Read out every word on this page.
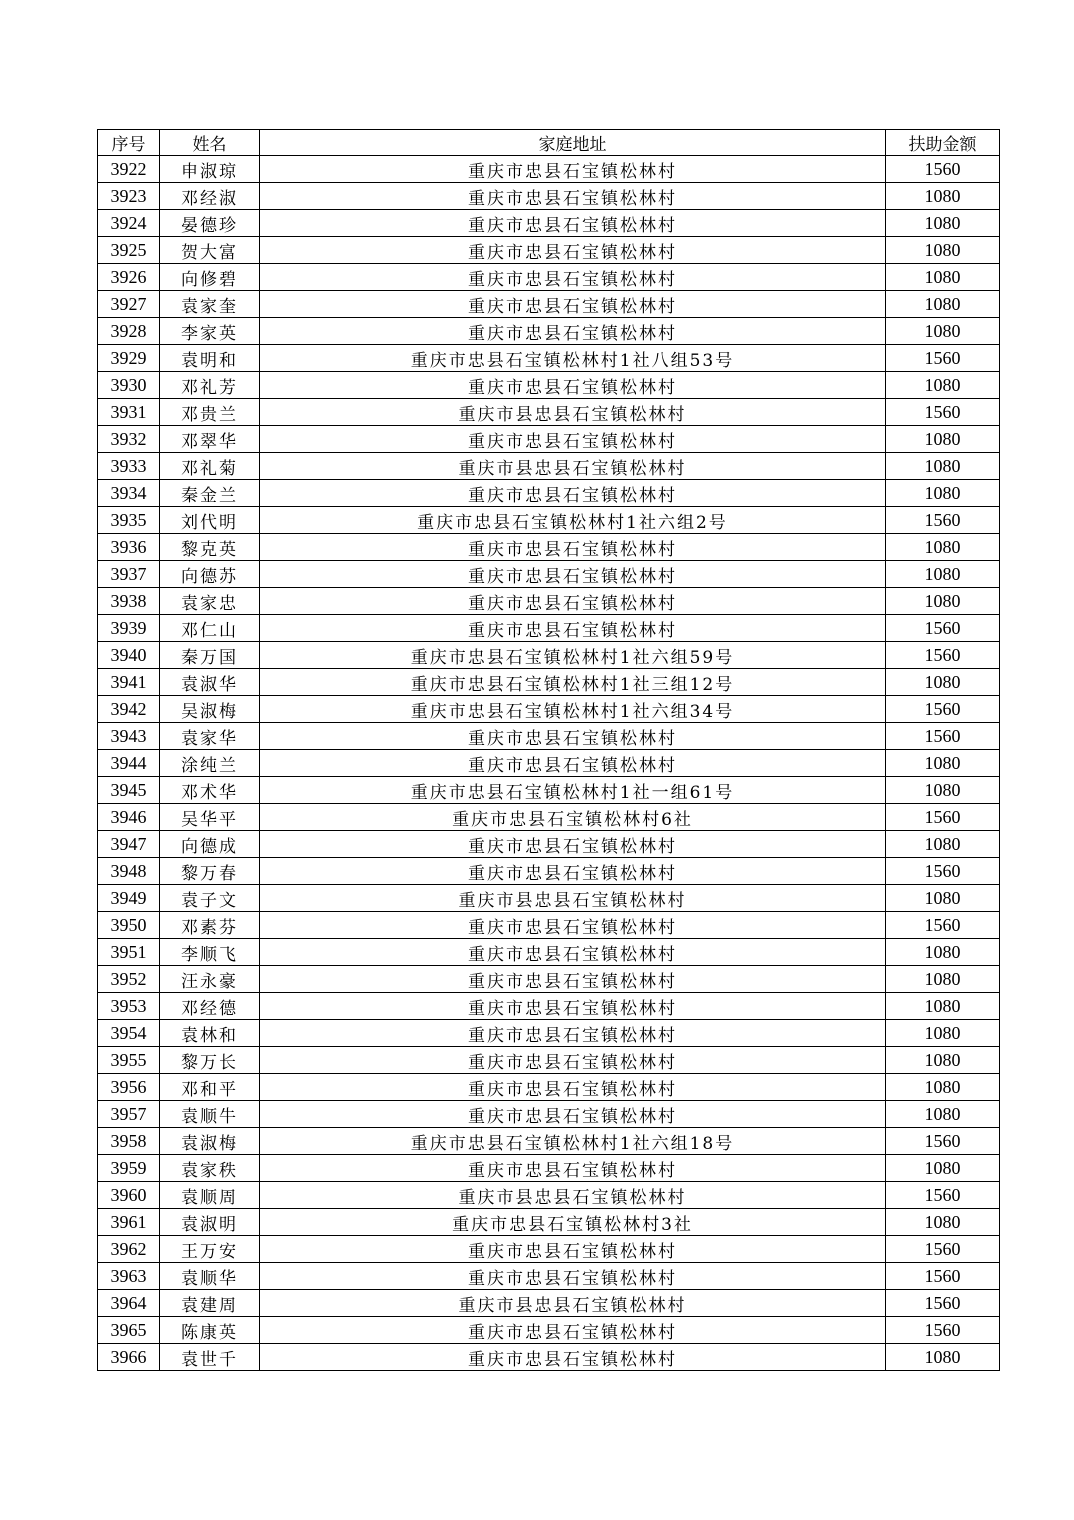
序号	姓名	家庭地址	扶助金额
3922	申淑琼	重庆市忠县石宝镇松林村	1560
3923	邓经淑	重庆市忠县石宝镇松林村	1080
3924	晏德珍	重庆市忠县石宝镇松林村	1080
3925	贺大富	重庆市忠县石宝镇松林村	1080
3926	向修碧	重庆市忠县石宝镇松林村	1080
3927	袁家奎	重庆市忠县石宝镇松林村	1080
3928	李家英	重庆市忠县石宝镇松林村	1080
3929	袁明和	重庆市忠县石宝镇松林村1社八组53号	1560
3930	邓礼芳	重庆市忠县石宝镇松林村	1080
3931	邓贵兰	重庆市县忠县石宝镇松林村	1560
3932	邓翠华	重庆市忠县石宝镇松林村	1080
3933	邓礼菊	重庆市县忠县石宝镇松林村	1080
3934	秦金兰	重庆市忠县石宝镇松林村	1080
3935	刘代明	重庆市忠县石宝镇松林村1社六组2号	1560
3936	黎克英	重庆市忠县石宝镇松林村	1080
3937	向德苏	重庆市忠县石宝镇松林村	1080
3938	袁家忠	重庆市忠县石宝镇松林村	1080
3939	邓仁山	重庆市忠县石宝镇松林村	1560
3940	秦万国	重庆市忠县石宝镇松林村1社六组59号	1560
3941	袁淑华	重庆市忠县石宝镇松林村1社三组12号	1080
3942	吴淑梅	重庆市忠县石宝镇松林村1社六组34号	1560
3943	袁家华	重庆市忠县石宝镇松林村	1560
3944	涂纯兰	重庆市忠县石宝镇松林村	1080
3945	邓术华	重庆市忠县石宝镇松林村1社一组61号	1080
3946	吴华平	重庆市忠县石宝镇松林村6社	1560
3947	向德成	重庆市忠县石宝镇松林村	1080
3948	黎万春	重庆市忠县石宝镇松林村	1560
3949	袁子文	重庆市县忠县石宝镇松林村	1080
3950	邓素芬	重庆市忠县石宝镇松林村	1560
3951	李顺飞	重庆市忠县石宝镇松林村	1080
3952	汪永豪	重庆市忠县石宝镇松林村	1080
3953	邓经德	重庆市忠县石宝镇松林村	1080
3954	袁林和	重庆市忠县石宝镇松林村	1080
3955	黎万长	重庆市忠县石宝镇松林村	1080
3956	邓和平	重庆市忠县石宝镇松林村	1080
3957	袁顺牛	重庆市忠县石宝镇松林村	1080
3958	袁淑梅	重庆市忠县石宝镇松林村1社六组18号	1560
3959	袁家秩	重庆市忠县石宝镇松林村	1080
3960	袁顺周	重庆市县忠县石宝镇松林村	1560
3961	袁淑明	重庆市忠县石宝镇松林村3社	1080
3962	王万安	重庆市忠县石宝镇松林村	1560
3963	袁顺华	重庆市忠县石宝镇松林村	1560
3964	袁建周	重庆市县忠县石宝镇松林村	1560
3965	陈康英	重庆市忠县石宝镇松林村	1560
3966	袁世千	重庆市忠县石宝镇松林村	1080
